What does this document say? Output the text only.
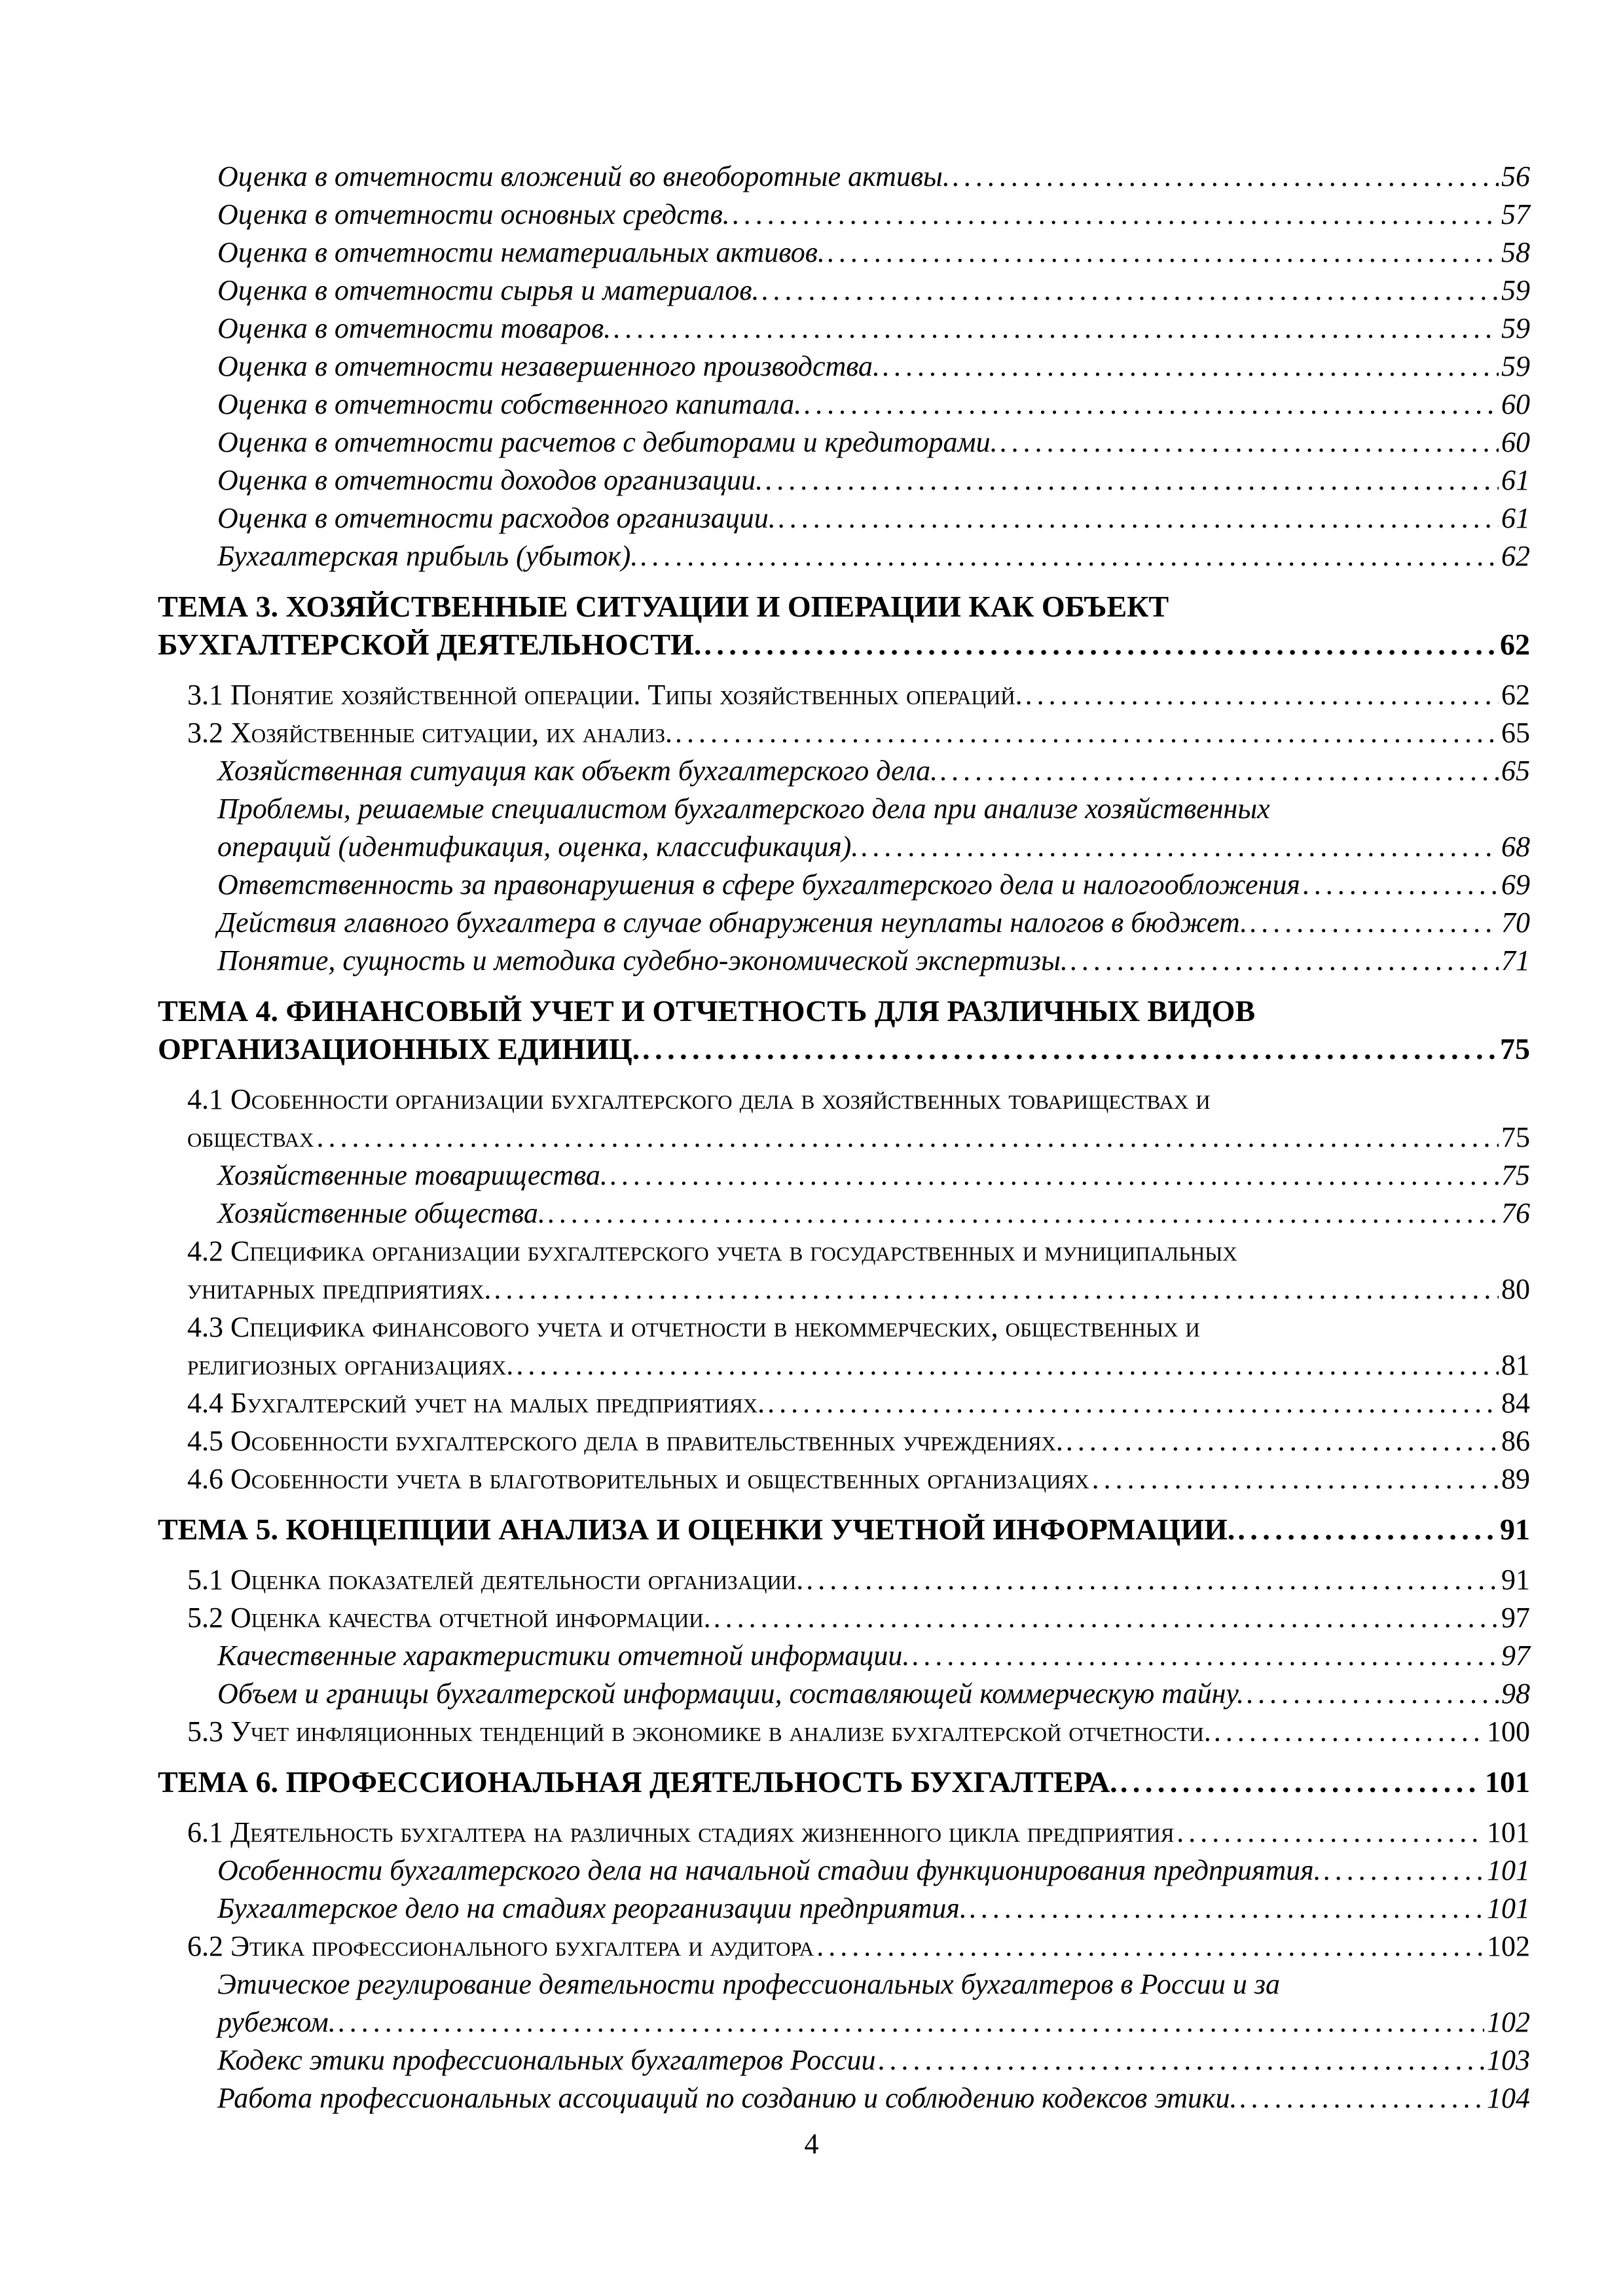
Оценка в отчетности вложений во внеоборотные активы. . . .	56
Оценка в отчетности основных средств. . . .	57
Оценка в отчетности нематериальных активов. . . .	58
Оценка в отчетности сырья и материалов. . . .	59
Оценка в отчетности товаров. . . .	59
Оценка в отчетности незавершенного производства. . . .	59
Оценка в отчетности собственного капитала. . . .	60
Оценка в отчетности расчетов с дебиторами и кредиторами. . . .	60
Оценка в отчетности доходов организации. . . .	61
Оценка в отчетности расходов организации. . . .	61
Бухгалтерская прибыль (убыток). . . .	62
ТЕМА 3. ХОЗЯЙСТВЕННЫЕ СИТУАЦИИ И ОПЕРАЦИИ КАК ОБЪЕКТ
БУХГАЛТЕРСКОЙ ДЕЯТЕЛЬНОСТИ. . . .	62
3.1 Понятие хозяйственной операции. Типы хозяйственных операций. . . .	62
3.2 Хозяйственные ситуации, их анализ. . . .	65
Хозяйственная ситуация как объект бухгалтерского дела. . . .	65
Проблемы, решаемые специалистом бухгалтерского дела при анализе хозяйственных
операций (идентификация, оценка, классификация). . . .	68
Ответственность за правонарушения в сфере бухгалтерского дела и налогообложения . . .	69
Действия главного бухгалтера в случае обнаружения неуплаты налогов в бюджет. . . .	70
Понятие, сущность и методика судебно-экономической экспертизы. . . .	71
ТЕМА 4. ФИНАНСОВЫЙ УЧЕТ И ОТЧЕТНОСТЬ ДЛЯ РАЗЛИЧНЫХ ВИДОВ
ОРГАНИЗАЦИОННЫХ ЕДИНИЦ. . . .	75
4.1 Особенности организации бухгалтерского дела в хозяйственных товариществах и
обществах . . .	75
Хозяйственные товарищества. . . .	75
Хозяйственные общества. . . .	76
4.2 Специфика организации бухгалтерского учета в государственных и муниципальных
унитарных предприятиях. . . .	80
4.3 Специфика финансового учета и отчетности в некоммерческих, общественных и
религиозных организациях. . . .	81
4.4 Бухгалтерский учет на малых предприятиях. . . .	84
4.5 Особенности бухгалтерского дела в правительственных учреждениях. . . .	86
4.6 Особенности учета в благотворительных и общественных организациях . . .	89
ТЕМА 5. КОНЦЕПЦИИ АНАЛИЗА И ОЦЕНКИ УЧЕТНОЙ ИНФОРМАЦИИ. . . .	91
5.1 Оценка показателей деятельности организации. . . .	91
5.2 Оценка качества отчетной информации. . . .	97
Качественные характеристики отчетной информации. . . .	97
Объем и границы бухгалтерской информации, составляющей коммерческую тайну. . . .	98
5.3 Учет инфляционных тенденций в экономике в анализе бухгалтерской отчетности. . . .	100
ТЕМА 6. ПРОФЕССИОНАЛЬНАЯ ДЕЯТЕЛЬНОСТЬ БУХГАЛТЕРА. . . .	101
6.1 Деятельность бухгалтера на различных стадиях жизненного цикла предприятия . . .	101
Особенности бухгалтерского дела на начальной стадии функционирования предприятия. . . .	101
Бухгалтерское дело на стадиях реорганизации предприятия. . . .	101
6.2 Этика профессионального бухгалтера и аудитора . . .	102
Этическое регулирование деятельности профессиональных бухгалтеров в России и за
рубежом. . . .	102
Кодекс этики профессиональных бухгалтеров России . . .	103
Работа профессиональных ассоциаций по созданию и соблюдению кодексов этики. . . .	104
4
